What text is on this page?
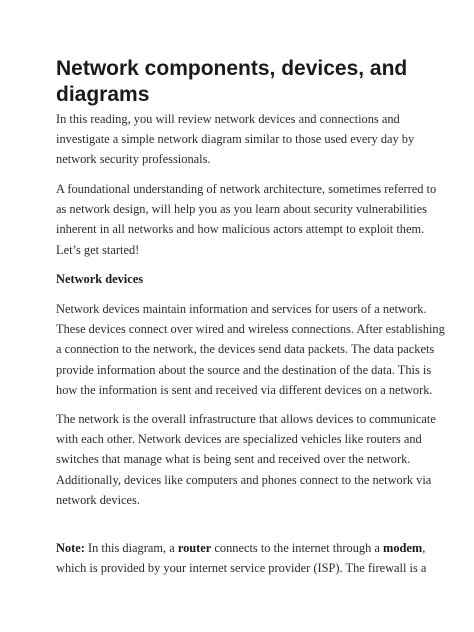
Network components, devices, and
diagrams

In this reading, you will review network devices and connections and
investigate a simple network diagram similar to those used every day by
network security professionals.

A foundational understanding of network architecture, sometimes referred to
as network design, will help you as you learn about security vulnerabilities
inherent in all networks and how malicious actors attempt to exploit them.
Let’s get started!

Network devices

Network devices maintain information and services for users of a network.
These devices connect over wired and wireless connections. After establishing
a connection to the network, the devices send data packets. The data packets
provide information about the source and the destination of the data. This is
how the information is sent and received via different devices on a network.

The network is the overall infrastructure that allows devices to communicate
with each other. Network devices are specialized vehicles like routers and
switches that manage what is being sent and received over the network.
Additionally, devices like computers and phones connect to the network via
network devices.

Note: In this diagram, a router connects to the internet through a modem,
which is provided by your internet service provider (ISP). The firewall is a
